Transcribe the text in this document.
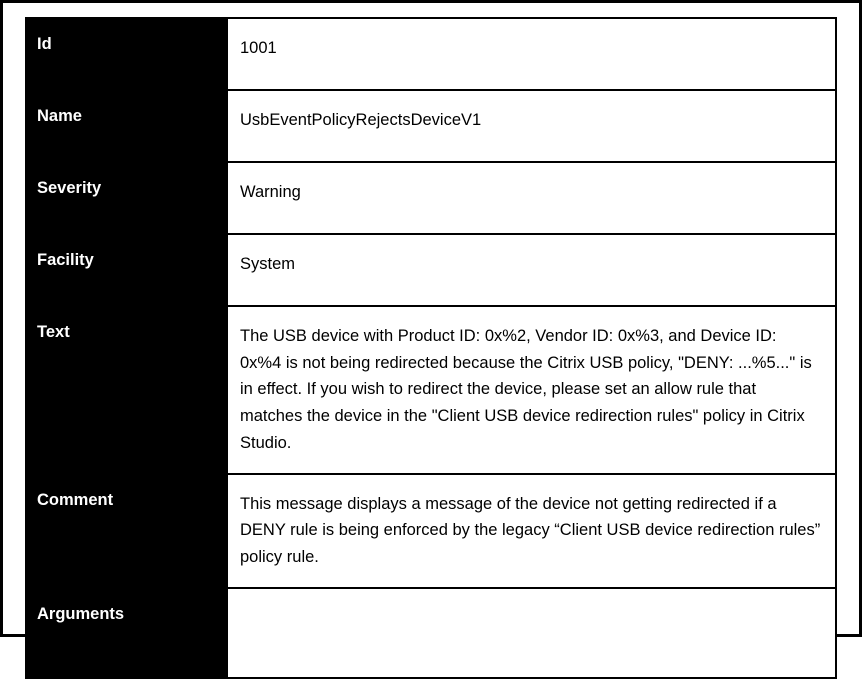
Id	1001
Name	UsbEventPolicyRejectsDeviceV1
Severity	Warning
Facility	System
Text	The USB device with Product ID: 0x%2, Vendor ID: 0x%3, and Device ID: 0x%4 is not being redirected because the Citrix USB policy, "DENY: ...%5..." is in effect. If you wish to redirect the device, please set an allow rule that matches the device in the "Client USB device redirection rules" policy in Citrix Studio.
Comment	This message displays a message of the device not getting redirected if a DENY rule is being enforced by the legacy “Client USB device redirection rules” policy rule.
Arguments	
